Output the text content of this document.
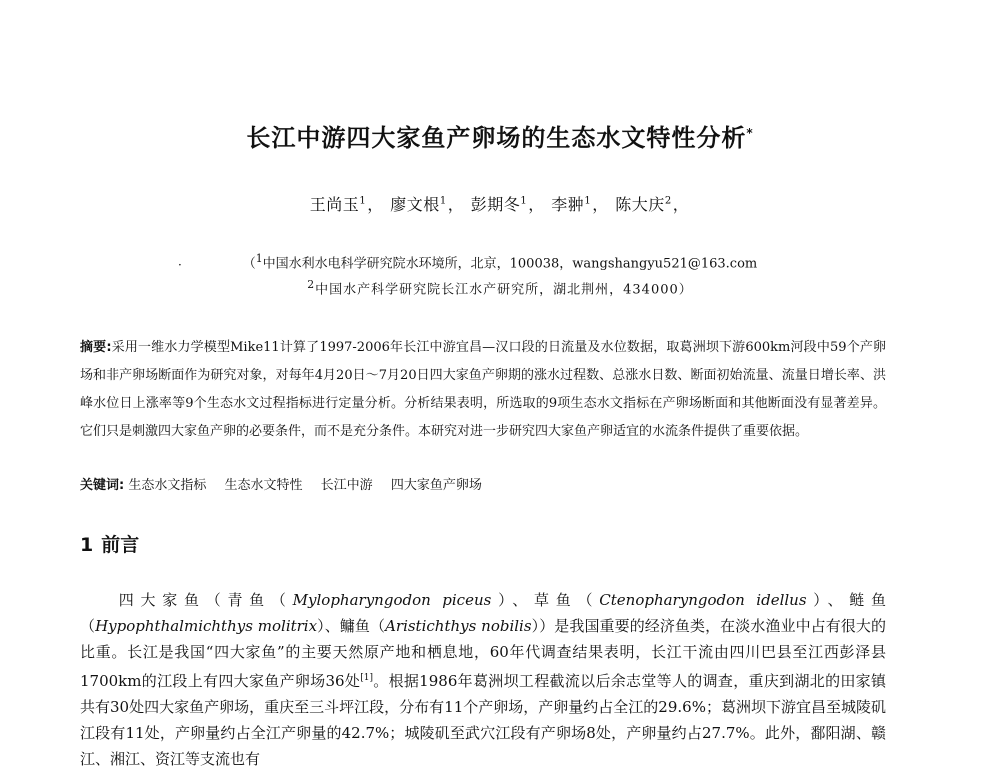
长江中游四大家鱼产卵场的生态水文特性分析*
王尚玉$^1$， 廖文根$^1$， 彭期冬$^1$， 李翀$^1$， 陈大庆$^2$，
·	（$^1$中国水利水电科学研究院水环境所，北京，100038，wangshangyu521@163.com
$^2$中国水产科学研究院长江水产研究所，湖北荆州，434000）
摘要:采用一维水力学模型Mike11计算了1997-2006年长江中游宜昌—汉口段的日流量及水位数据，取葛洲坝下游600km河段中59个产卵场和非产卵场断面作为研究对象，对每年4月20日～7月20日四大家鱼产卵期的涨水过程数、总涨水日数、断面初始流量、流量日增长率、洪峰水位日上涨率等9个生态水文过程指标进行定量分析。分析结果表明，所选取的9项生态水文指标在产卵场断面和其他断面没有显著差异。它们只是刺激四大家鱼产卵的必要条件，而不是充分条件。本研究对进一步研究四大家鱼产卵适宜的水流条件提供了重要依据。
关键词: 生态水文指标 生态水文特性 长江中游 四大家鱼产卵场
1 前言
四大家鱼（青鱼（Mylopharyngodon piceus）、草鱼（Ctenopharyngodon idellus）、鲢鱼（Hypophthalmichthys molitrix）、鳙鱼（Aristichthys nobilis））是我国重要的经济鱼类，在淡水渔业中占有很大的比重。长江是我国“四大家鱼”的主要天然原产地和栖息地，60年代调查结果表明，长江干流由四川巴县至江西彭泽县1700km的江段上有四大家鱼产卵场36处[1]。根据1986年葛洲坝工程截流以后余志堂等人的调查，重庆到湖北的田家镇共有30处四大家鱼产卵场，重庆至三斗坪江段，分布有11个产卵场，产卵量约占全江的29.6%；葛洲坝下游宜昌至城陵矶江段有11处，产卵量约占全江产卵量的42.7%；城陵矶至武穴江段有产卵场8处，产卵量约占27.7%。此外，鄱阳湖、赣江、湘江、资江等支流也有
